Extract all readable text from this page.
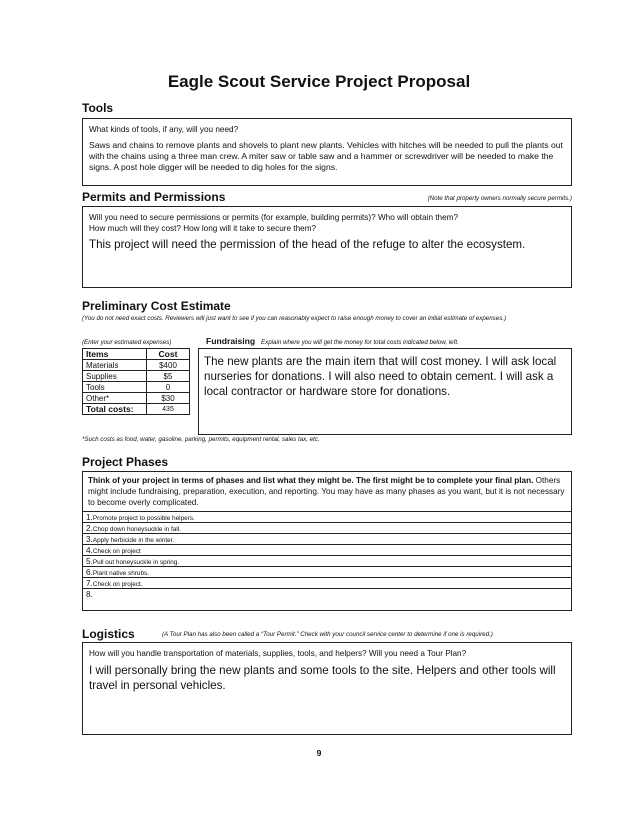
Eagle Scout Service Project Proposal
Tools
What kinds of tools, if any, will you need?
Saws and chains to remove plants and shovels to plant new plants. Vehicles with hitches will be needed to pull the plants out with the chains using a three man crew. A miter saw or table saw and a hammer or screwdriver will be needed to make the signs. A post hole digger will be needed to dig holes for the signs.
Permits and Permissions	(Note that property owners normally secure permits.)
Will you need to secure permissions or permits (for example, building permits)? Who will obtain them?
How much will they cost? How long will it take to secure them?
This project will need the permission of the head of the refuge to alter the ecosystem.
Preliminary Cost Estimate
(You do not need exact costs. Reviewers will just want to see if you can reasonably expect to raise enough money to cover an initial estimate of expenses.)
(Enter your estimated expenses)	Fundraising Explain where you will get the money for total costs indicated below, left.
Items	Cost
Materials	$400
Supplies	$5
Tools	0
Other*	$30
Total costs:	435
The new plants are the main item that will cost money. I will ask local nurseries for donations. I will also need to obtain cement. I will ask a local contractor or hardware store for donations.
*Such costs as food, water, gasoline, parking, permits, equipment rental, sales tax, etc.
Project Phases
Think of your project in terms of phases and list what they might be. The first might be to complete your final plan. Others might include fundraising, preparation, execution, and reporting. You may have as many phases as you want, but it is not necessary to become overly complicated.
1.Promote project to possible helpers.
2.Chop down honeysuckle in fall.
3.Apply herbicide in the winter.
4.Check on project
5.Pull out honeysuckle in spring.
6.Plant native shrubs.
7.Check on project.
8.
Logistics	(A Tour Plan has also been called a “Tour Permit.” Check with your council service center to determine if one is required.)
How will you handle transportation of materials, supplies, tools, and helpers? Will you need a Tour Plan?
I will personally bring the new plants and some tools to the site. Helpers and other tools will travel in personal vehicles.
9
